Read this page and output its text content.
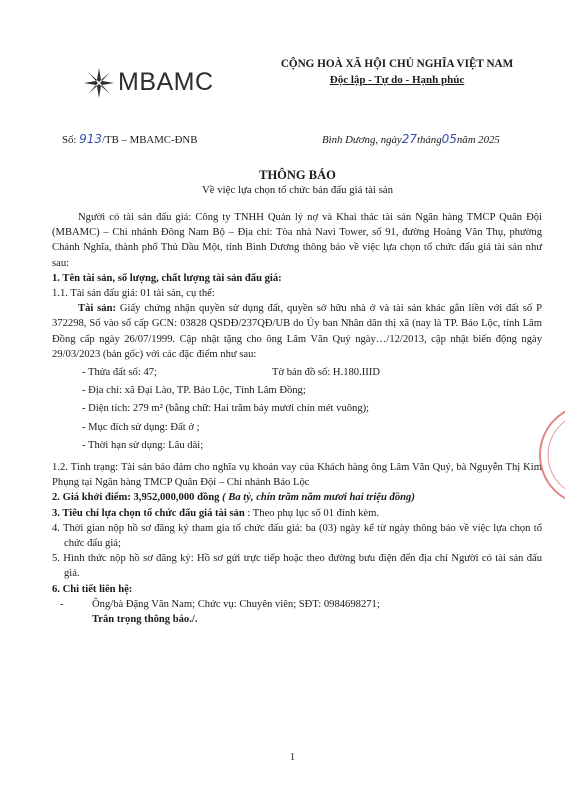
MBAMC
CỘNG HOÀ XÃ HỘI CHỦ NGHĨA VIỆT NAM
Độc lập - Tự do - Hạnh phúc
Số: 913/TB – MBAMC-ĐNB	Bình Dương, ngày27tháng05năm 2025
THÔNG BÁO
Về việc lựa chọn tổ chức bán đấu giá tài sản

Người có tài sản đấu giá: Công ty TNHH Quản lý nợ và Khai thác tài sản Ngân hàng TMCP Quân Đội (MBAMC) – Chi nhánh Đông Nam Bộ – Địa chỉ: Tòa nhà Navi Tower, số 91, đường Hoàng Văn Thụ, phường Chánh Nghĩa, thành phố Thủ Dầu Một, tỉnh Bình Dương thông báo về việc lựa chọn tổ chức đấu giá tài sản như sau:

1. Tên tài sản, số lượng, chất lượng tài sản đấu giá:

1.1. Tài sản đấu giá: 01 tài sản, cụ thể:

Tài sản: Giấy chứng nhận quyền sử dụng đất, quyền sở hữu nhà ở và tài sản khác gắn liền với đất số P 372298, Số vào sổ cấp GCN: 03828 QSDĐ/237QĐ/UB do Ủy ban Nhân dân thị xã (nay là TP. Bảo Lộc, tỉnh Lâm Đồng cấp ngày 26/07/1999. Cập nhật tặng cho ông Lâm Văn Quý ngày…/12/2013, cập nhật biến động ngày 29/03/2023 (bản gốc) với các đặc điểm như sau:

- Thửa đất số: 47;	Tờ bản đồ số: H.180.IIID

- Địa chỉ: xã Đại Lào, TP. Bảo Lộc, Tỉnh Lâm Đồng;

- Diện tích: 279 m² (bằng chữ: Hai trăm bảy mươi chín mét vuông);

- Mục đích sử dụng: Đất ở ;

- Thời hạn sử dụng: Lâu dài;

1.2. Tình trạng: Tài sản bảo đảm cho nghĩa vụ khoản vay của Khách hàng ông Lâm Văn Quý, bà Nguyễn Thị Kim Phụng tại Ngân hàng TMCP Quân Đội – Chi nhánh Bảo Lộc

2. Giá khởi điểm: 3,952,000,000 đồng ( Ba tỷ, chín trăm năm mươi hai triệu đồng)

3. Tiêu chí lựa chọn tổ chức đấu giá tài sản : Theo phụ lục số 01 đính kèm.

4. Thời gian nộp hồ sơ đăng ký tham gia tổ chức đấu giá: ba (03) ngày kể từ ngày thông báo về việc lựa chọn tổ chức đấu giá;

5. Hình thức nộp hồ sơ đăng ký: Hồ sơ gửi trực tiếp hoặc theo đường bưu điện đến địa chỉ Người có tài sản đấu giá.

6. Chi tiết liên hệ:

-	Ông/bà Đặng Văn Nam; Chức vụ: Chuyên viên; SĐT: 0984698271;

Trân trọng thông báo./.

1
